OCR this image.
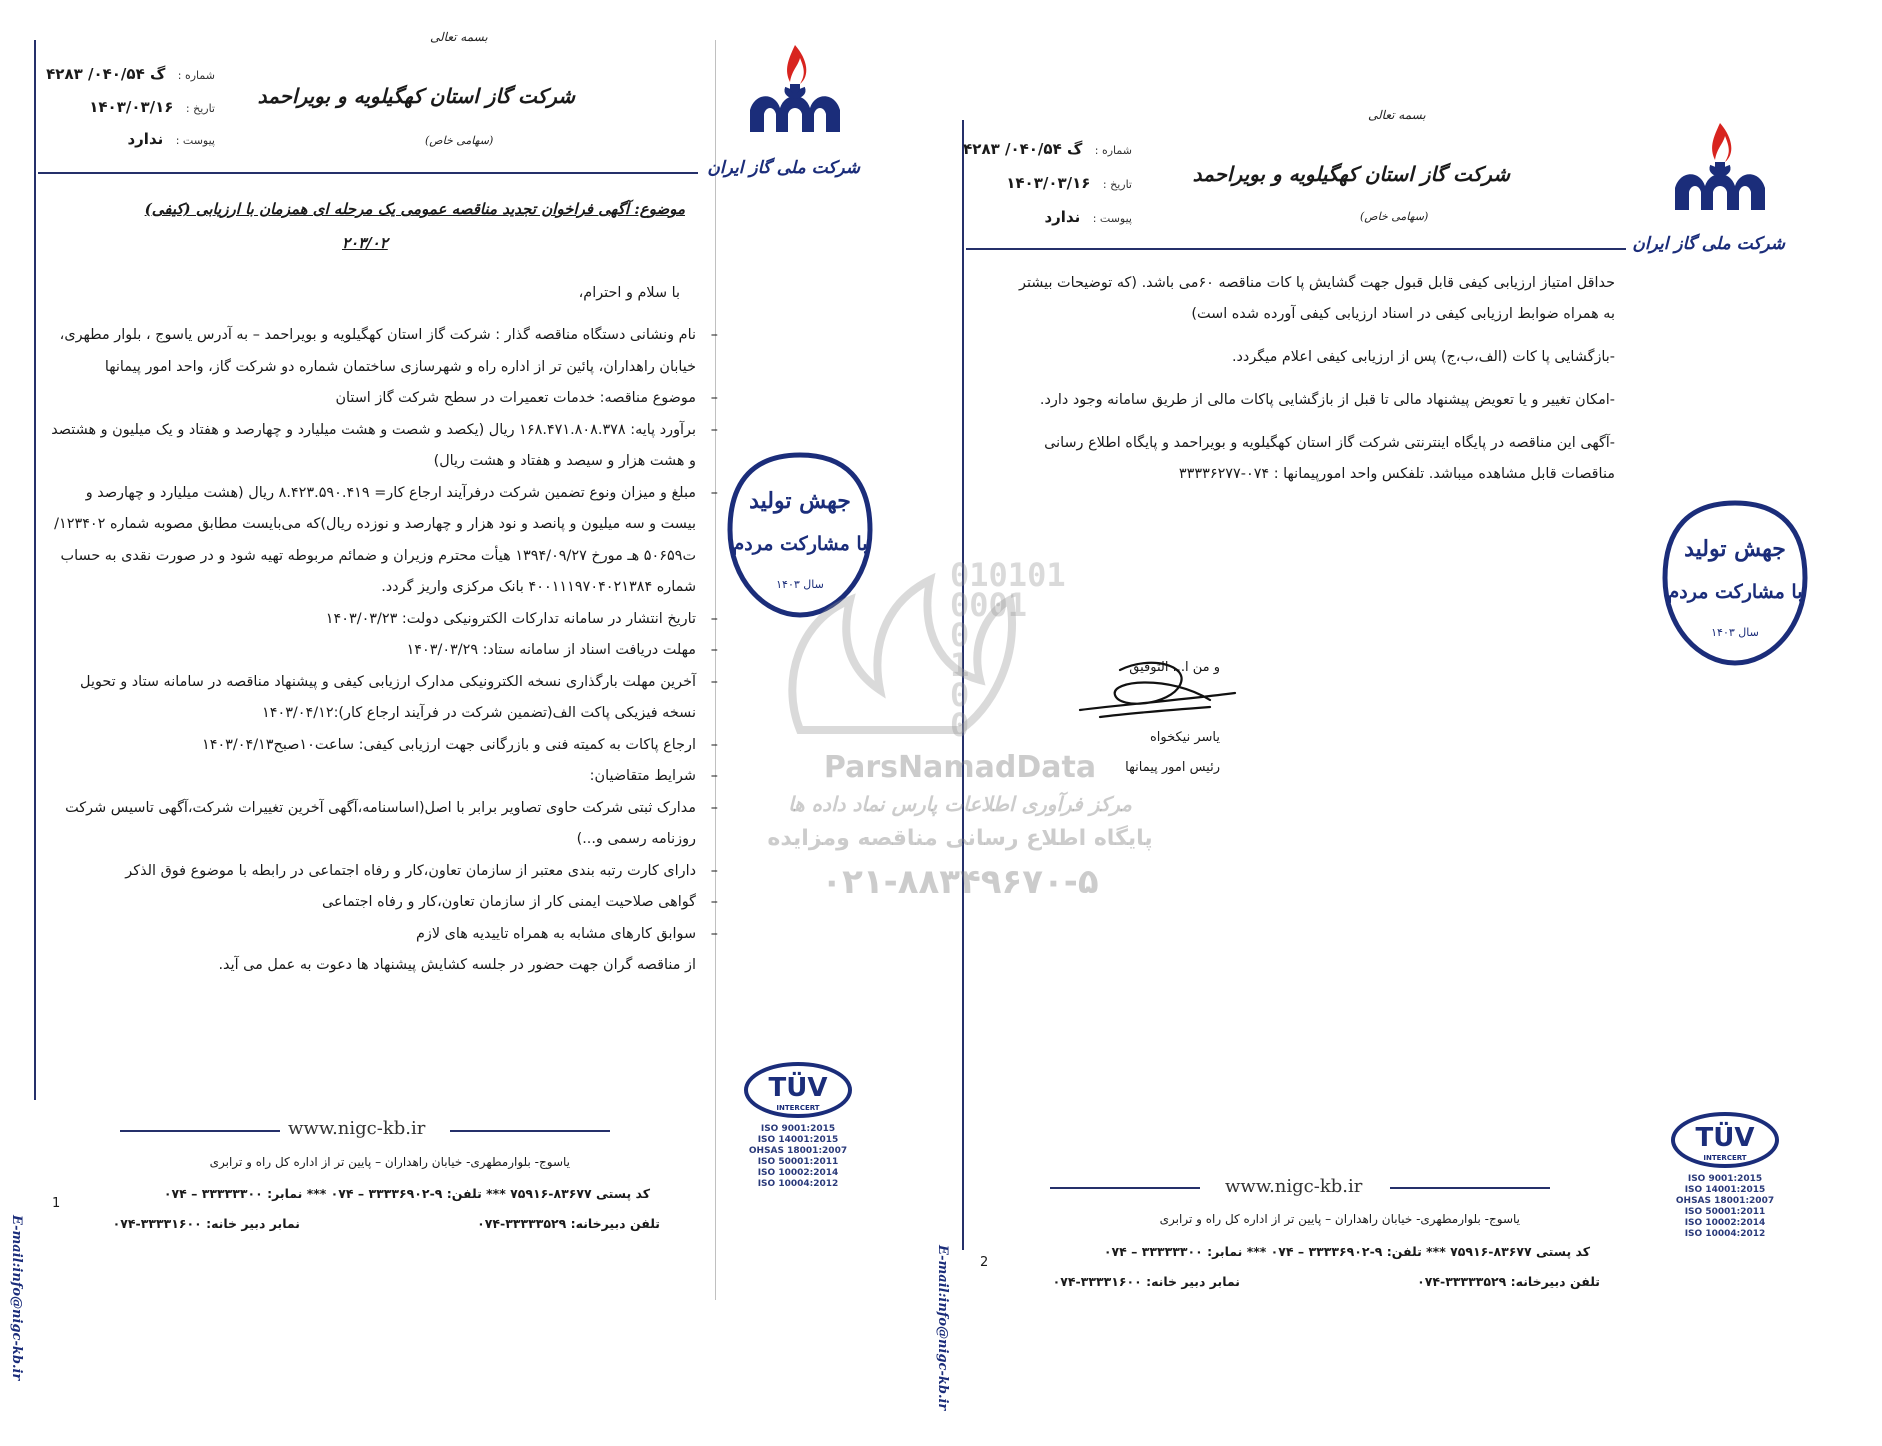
E-mail:info@nigc-kb.ir
بسمه تعالی
شماره : گ ۰۴۰/۵۴/ ۴۲۸۳
تاریخ : ۱۴۰۳/۰۳/۱۶
پیوست : ندارد
شرکت گاز استان کهگیلویه و بویراحمد
(سهامی خاص)
شرکت ملی گاز ایران
موضوع: آگهی فراخوان تجدید مناقصه عمومی یک مرحله ای همزمان با ارزیابی (کیفی)
۲۰۳/۰۲
با سلام و احترام،
– نام ونشانی دستگاه مناقصه گذار : شرکت گاز استان کهگیلویه و بویراحمد – به آدرس یاسوج ، بلوار مطهری، خیابان راهداران، پائین تر از اداره راه و شهرسازی ساختمان شماره دو شرکت گاز، واحد امور پیمانها
– موضوع مناقصه: خدمات تعمیرات در سطح شرکت گاز استان
– برآورد پایه: ۱۶۸.۴۷۱.۸۰۸.۳۷۸ ریال (یکصد و شصت و هشت میلیارد و چهارصد و هفتاد و یک میلیون و هشتصد و هشت هزار و سیصد و هفتاد و هشت ریال)
– مبلغ و میزان ونوع تضمین شرکت درفرآیند ارجاع کار= ۸.۴۲۳.۵۹۰.۴۱۹ ریال (هشت میلیارد و چهارصد و بیست و سه میلیون و پانصد و نود هزار و چهارصد و نوزده ریال)که می‌بایست مطابق مصوبه شماره ۱۲۳۴۰۲/ت۵۰۶۵۹ هـ مورخ ۱۳۹۴/۰۹/۲۷ هیأت محترم وزیران و ضمائم مربوطه تهیه شود و در صورت نقدی به حساب شماره ۴۰۰۱۱۱۹۷۰۴۰۲۱۳۸۴ بانک مرکزی واریز گردد.
– تاریخ انتشار در سامانه تدارکات الکترونیکی دولت: ۱۴۰۳/۰۳/۲۳
– مهلت دریافت اسناد از سامانه ستاد: ۱۴۰۳/۰۳/۲۹
– آخرین مهلت بارگذاری نسخه الکترونیکی مدارک ارزیابی کیفی و پیشنهاد مناقصه در سامانه ستاد و تحویل نسخه فیزیکی پاکت الف(تضمین شرکت در فرآیند ارجاع کار):۱۴۰۳/۰۴/۱۲
– ارجاع پاکات به کمیته فنی و بازرگانی جهت ارزیابی کیفی: ساعت۱۰صبح۱۴۰۳/۰۴/۱۳
– شرایط متقاضیان:
– مدارک ثبتی شرکت حاوی تصاویر برابر با اصل(اساسنامه،آگهی آخرین تغییرات شرکت،آگهی تاسیس شرکت روزنامه رسمی و...)
– دارای کارت رتبه بندی معتبر از سازمان تعاون،کار و رفاه اجتماعی در رابطه با موضوع فوق الذکر
– گواهی صلاحیت ایمنی کار از سازمان تعاون،کار و رفاه اجتماعی
– سوابق کارهای مشابه به همراه تاییدیه های لازم
از مناقصه گران جهت حضور در جلسه کشایش پیشنهاد ها دعوت به عمل می آید.
جهش تولید
با مشارکت مردم
سال ۱۴۰۳
TÜV
INTERCERT
ISO 9001:2015
ISO 14001:2015
OHSAS 18001:2007
ISO 50001:2011
ISO 10002:2014
ISO 10004:2012
www.nigc-kb.ir
یاسوج- بلوارمطهری- خیابان راهداران – پایین تر از اداره کل راه و ترابری
کد پستی ۸۳۶۷۷-۷۵۹۱۶ *** تلفن: ۹-۳۳۳۳۶۹۰۲ – ۰۷۴ *** نمابر: ۳۳۳۳۳۳۰۰ – ۰۷۴
تلفن دبیرخانه: ۳۳۳۳۳۵۲۹-۰۷۴
نمابر دبیر خانه: ۳۳۳۳۱۶۰۰-۰۷۴
1
E-mail:info@nigc-kb.ir
بسمه تعالی
شماره : گ ۰۴۰/۵۴/ ۴۲۸۳
تاریخ : ۱۴۰۳/۰۳/۱۶
پیوست : ندارد
شرکت گاز استان کهگیلویه و بویراحمد
(سهامی خاص)
شرکت ملی گاز ایران
حداقل امتیاز ارزیابی کیفی قابل قبول جهت گشایش پا کات مناقصه ۶۰می باشد. (که توضیحات بیشتر به همراه ضوابط ارزیابی کیفی در اسناد ارزیابی کیفی آورده شده است)
-بازگشایی پا کات (الف،ب،ج) پس از ارزیابی کیفی اعلام میگردد.
-امکان تغییر و یا تعویض پیشنهاد مالی تا قبل از بازگشایی پاکات مالی از طریق سامانه وجود دارد.
-آگهی این مناقصه در پایگاه اینترنتی شرکت گاز استان کهگیلویه و بویراحمد و پایگاه اطلاع رسانی مناقصات قابل مشاهده میباشد. تلفکس واحد امورپیمانها : ۰۷۴-۳۳۳۳۶۲۷۷
و من ا... التوفیق
یاسر نیکخواه
رئیس امور پیمانها
جهش تولید
با مشارکت مردم
سال ۱۴۰۳
TÜV
INTERCERT
ISO 9001:2015
ISO 14001:2015
OHSAS 18001:2007
ISO 50001:2011
ISO 10002:2014
ISO 10004:2012
www.nigc-kb.ir
یاسوج- بلوارمطهری- خیابان راهداران – پایین تر از اداره کل راه و ترابری
کد پستی ۸۳۶۷۷-۷۵۹۱۶ *** تلفن: ۹-۳۳۳۳۶۹۰۲ – ۰۷۴ *** نمابر: ۳۳۳۳۳۳۰۰ – ۰۷۴
تلفن دبیرخانه: ۳۳۳۳۳۵۲۹-۰۷۴
نمابر دبیر خانه: ۳۳۳۳۱۶۰۰-۰۷۴
2
010101
0001
0
1
0
0
ParsNamadData
مرکز فرآوری اطلاعات پارس نماد داده ها
پایگاه اطلاع رسانی مناقصه ومزایده
۰۲۱-۸۸۳۴۹۶۷۰-۵
